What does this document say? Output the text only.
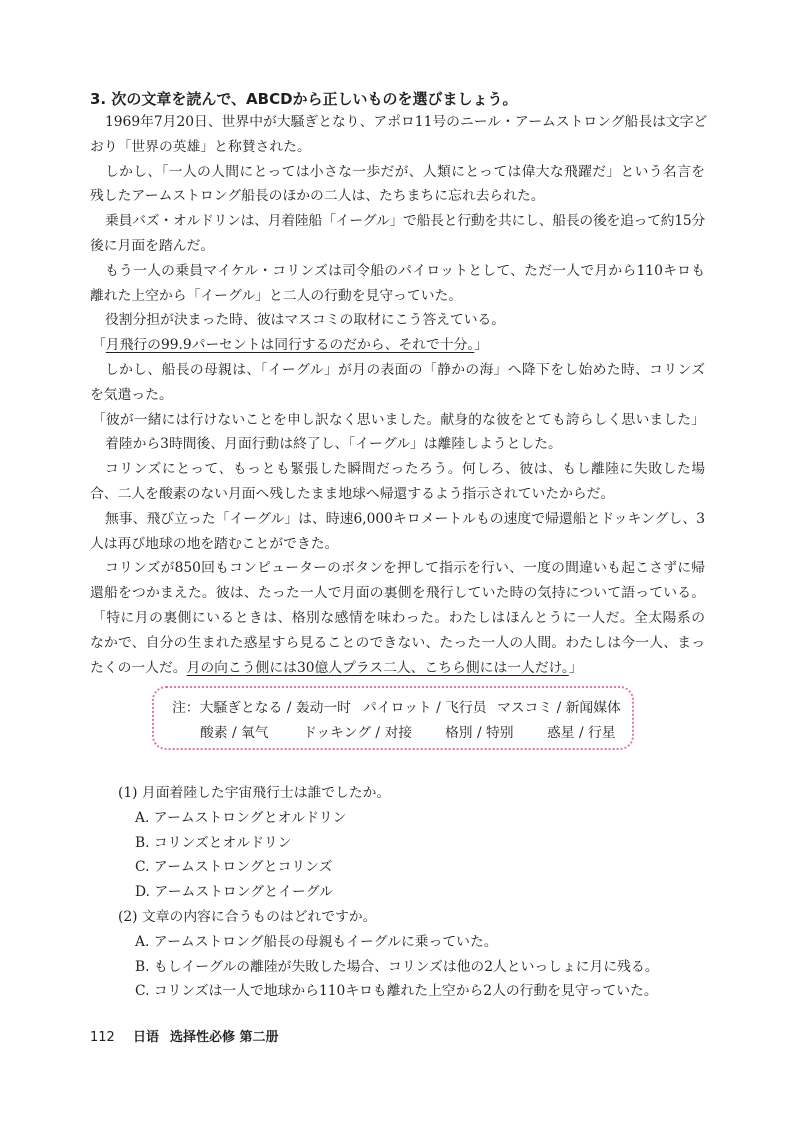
3. 次の文章を読んで、ABCDから正しいものを選びましょう。
1969年7月20日、世界中が大騒ぎとなり、アポロ11号のニール・アームストロング船長は文字ど
おり「世界の英雄」と称賛された。
しかし、「一人の人間にとっては小さな一歩だが、人類にとっては偉大な飛躍だ」という名言を
残したアームストロング船長のほかの二人は、たちまちに忘れ去られた。
乗員バズ・オルドリンは、月着陸船「イーグル」で船長と行動を共にし、船長の後を追って約15分
後に月面を踏んだ。
もう一人の乗員マイケル・コリンズは司令船のパイロットとして、ただ一人で月から110キロも
離れた上空から「イーグル」と二人の行動を見守っていた。
役割分担が決まった時、彼はマスコミの取材にこう答えている。
「月飛行の99.9パーセントは同行するのだから、それで十分。」
しかし、船長の母親は、「イーグル」が月の表面の「静かの海」へ降下をし始めた時、コリンズ
を気遣った。
「彼が一緒には行けないことを申し訳なく思いました。献身的な彼をとても誇らしく思いました」
着陸から3時間後、月面行動は終了し、「イーグル」は離陸しようとした。
コリンズにとって、もっとも緊張した瞬間だったろう。何しろ、彼は、もし離陸に失敗した場
合、二人を酸素のない月面へ残したまま地球へ帰還するよう指示されていたからだ。
無事、飛び立った「イーグル」は、時速6,000キロメートルもの速度で帰還船とドッキングし、3
人は再び地球の地を踏むことができた。
コリンズが850回もコンピューターのボタンを押して指示を行い、一度の間違いも起こさずに帰
還船をつかまえた。彼は、たった一人で月面の裏側を飛行していた時の気持について語っている。
「特に月の裏側にいるときは、格別な感情を味わった。わたしはほんとうに一人だ。全太陽系の
なかで、自分の生まれた惑星すら見ることのできない、たった一人の人間。わたしは今一人、まっ
たくの一人だ。月の向こう側には30億人プラス二人、こちら側には一人だけ。」
注：大騒ぎとなる / 轰动一时 パイロット / 飞行员 マスコミ / 新闻媒体
酸素 / 氧气 ドッキング / 对接 格別 / 特别 惑星 / 行星
(1) 月面着陸した宇宙飛行士は誰でしたか。
A. アームストロングとオルドリン
B. コリンズとオルドリン
C. アームストロングとコリンズ
D. アームストロングとイーグル
(2) 文章の内容に合うものはどれですか。
A. アームストロング船長の母親もイーグルに乗っていた。
B. もしイーグルの離陸が失敗した場合、コリンズは他の2人といっしょに月に残る。
C. コリンズは一人で地球から110キロも離れた上空から2人の行動を見守っていた。
112 日语 选择性必修 第二册
